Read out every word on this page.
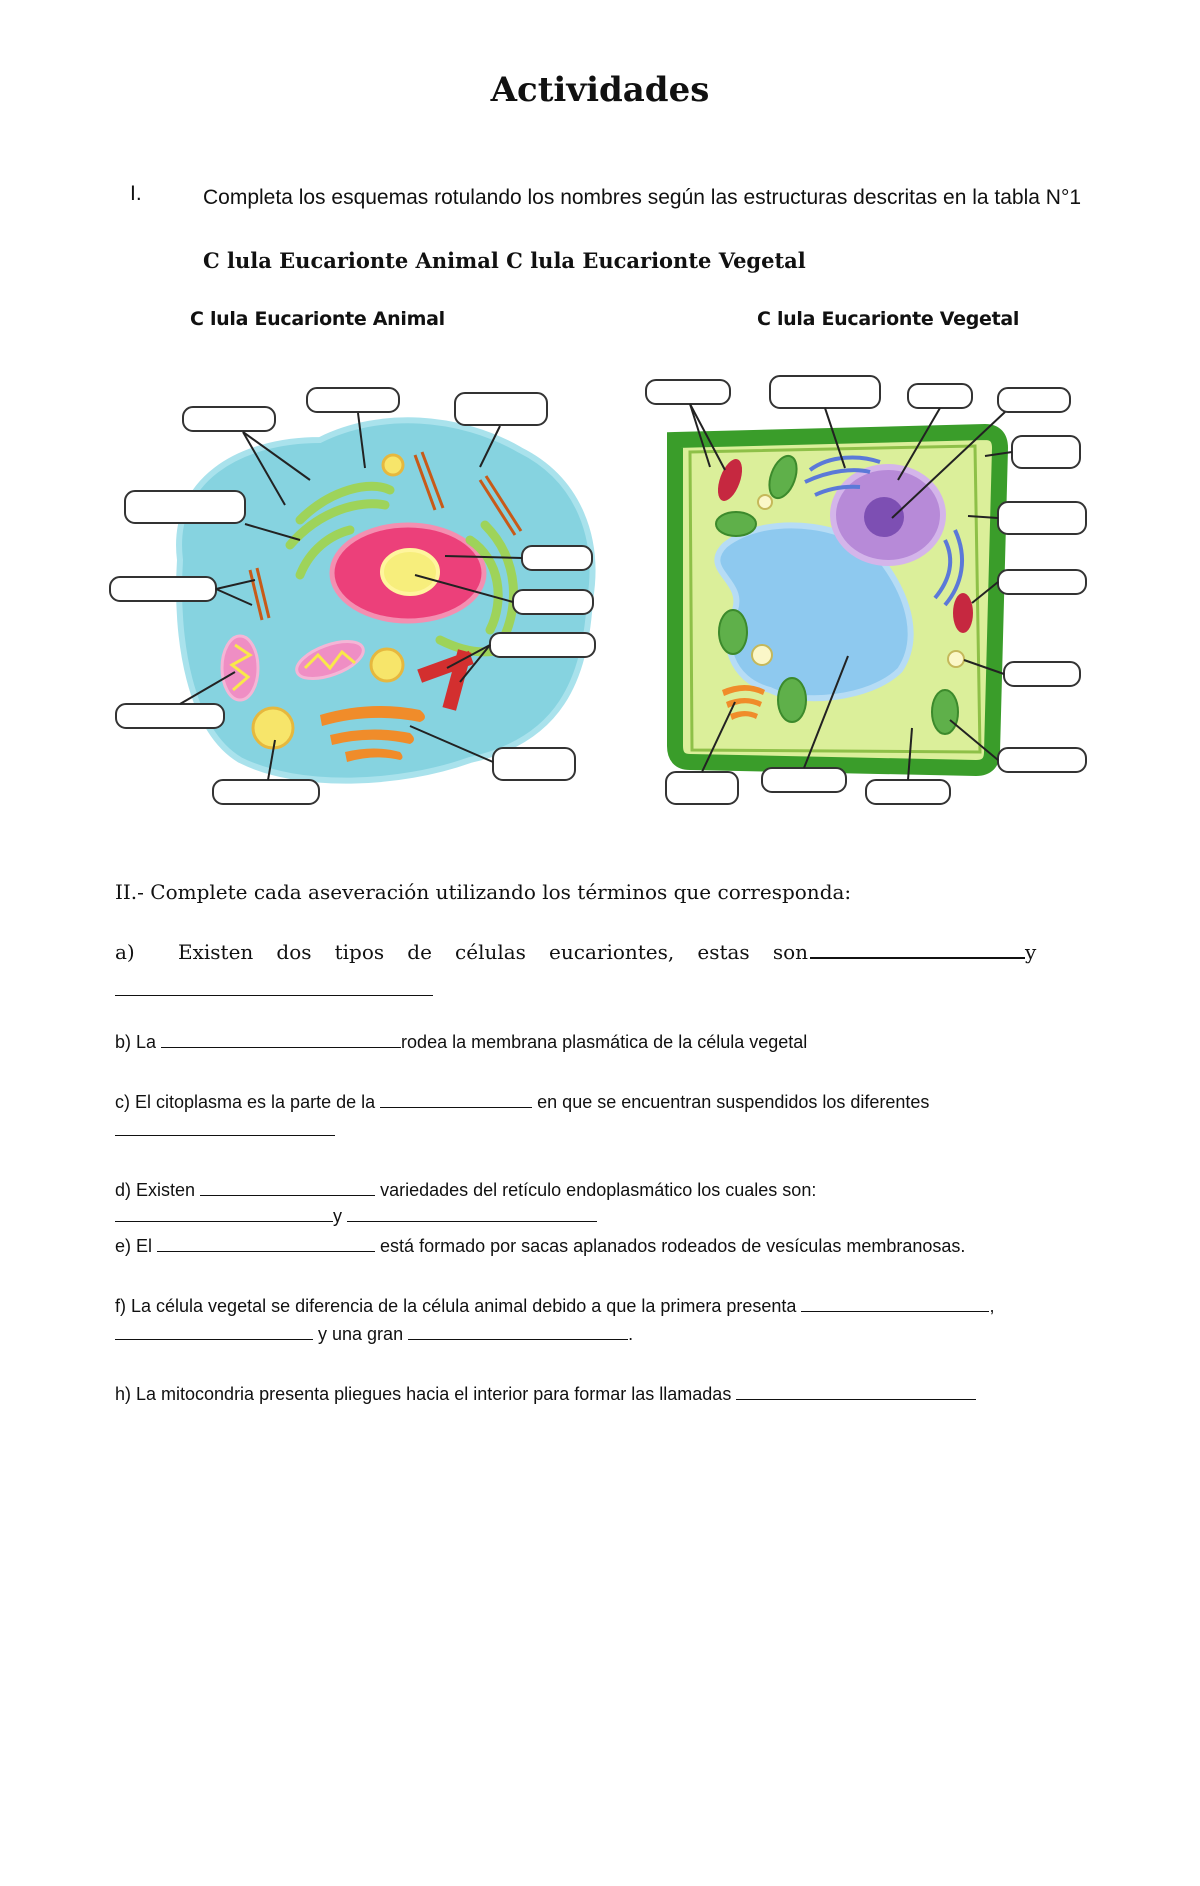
Actividades
I.	Completa los esquemas rotulando los nombres según las estructuras descritas en la tabla N°1
C lula Eucarionte Animal C lula Eucarionte Vegetal
C lula Eucarionte Animal	C lula Eucarionte Vegetal
II.- Complete cada aseveración utilizando los términos que corresponda:
a) Existen dos tipos de células eucariontes, estas son	y
b) La	rodea la membrana plasmática de la célula vegetal
c) El citoplasma es la parte de la	en que se encuentran suspendidos los diferentes
d) Existen	variedades del retículo endoplasmático los cuales son:
y
e) El	está formado por sacas aplanados rodeados de vesículas membranosas.
f) La célula vegetal se diferencia de la célula animal debido a que la primera presenta	,
y una gran	.
h) La mitocondria presenta pliegues hacia el interior para formar las llamadas
